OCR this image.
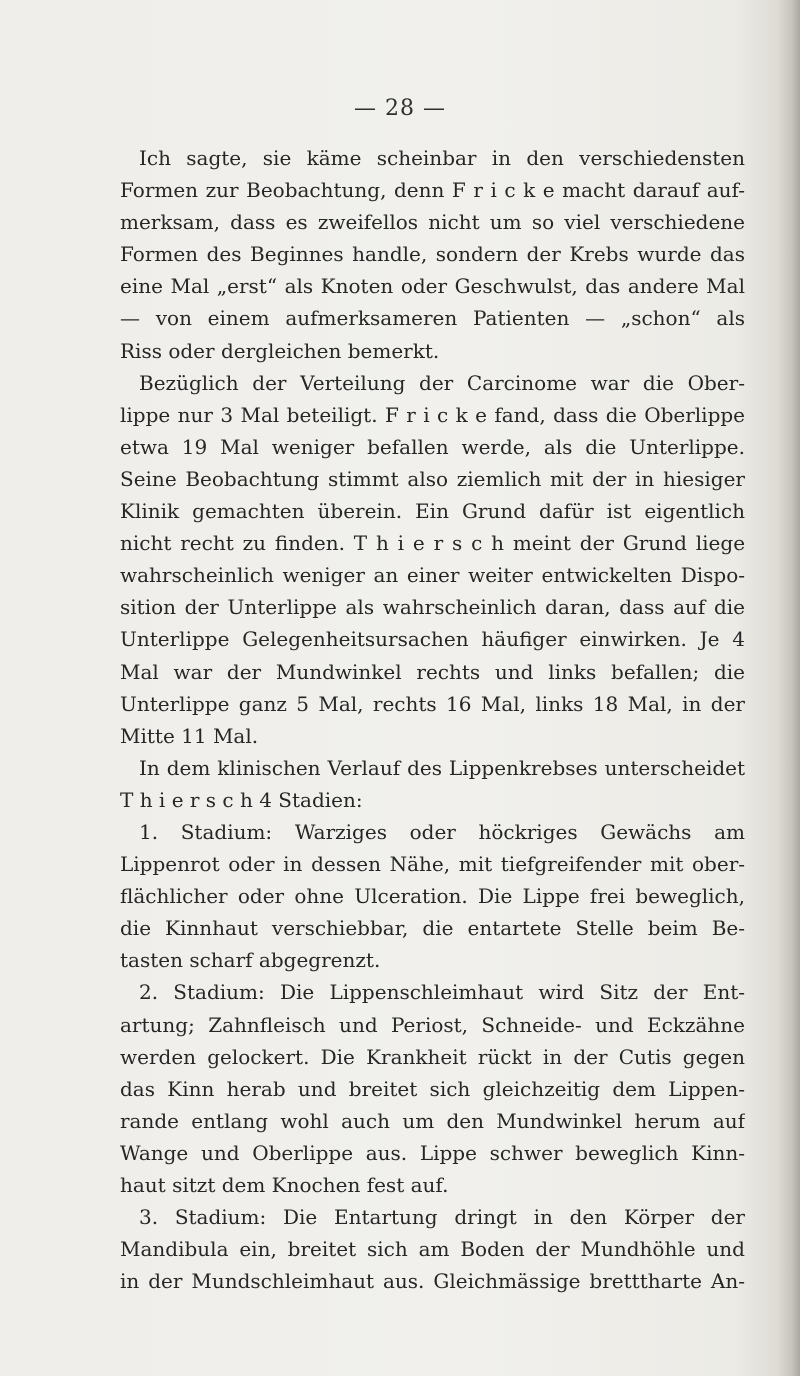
— 28 —
Ich sagte, sie käme scheinbar in den verschiedensten
Formen zur Beobachtung, denn F r i c k e macht darauf auf-
merksam, dass es zweifellos nicht um so viel verschiedene
Formen des Beginnes handle, sondern der Krebs wurde das
eine Mal „erst“ als Knoten oder Geschwulst, das andere Mal
— von einem aufmerksameren Patienten — „schon“ als
Riss oder dergleichen bemerkt.
Bezüglich der Verteilung der Carcinome war die Ober-
lippe nur 3 Mal beteiligt. F r i c k e fand, dass die Oberlippe
etwa 19 Mal weniger befallen werde, als die Unterlippe.
Seine Beobachtung stimmt also ziemlich mit der in hiesiger
Klinik gemachten überein. Ein Grund dafür ist eigentlich
nicht recht zu finden. T h i e r s c h meint der Grund liege
wahrscheinlich weniger an einer weiter entwickelten Dispo-
sition der Unterlippe als wahrscheinlich daran, dass auf die
Unterlippe Gelegenheitsursachen häufiger einwirken. Je 4
Mal war der Mundwinkel rechts und links befallen; die
Unterlippe ganz 5 Mal, rechts 16 Mal, links 18 Mal, in der
Mitte 11 Mal.
In dem klinischen Verlauf des Lippenkrebses unterscheidet
T h i e r s c h 4 Stadien:
1. Stadium: Warziges oder höckriges Gewächs am
Lippenrot oder in dessen Nähe, mit tiefgreifender mit ober-
flächlicher oder ohne Ulceration. Die Lippe frei beweglich,
die Kinnhaut verschiebbar, die entartete Stelle beim Be-
tasten scharf abgegrenzt.
2. Stadium: Die Lippenschleimhaut wird Sitz der Ent-
artung; Zahnfleisch und Periost, Schneide- und Eckzähne
werden gelockert. Die Krankheit rückt in der Cutis gegen
das Kinn herab und breitet sich gleichzeitig dem Lippen-
rande entlang wohl auch um den Mundwinkel herum auf
Wange und Oberlippe aus. Lippe schwer beweglich Kinn-
haut sitzt dem Knochen fest auf.
3. Stadium: Die Entartung dringt in den Körper der
Mandibula ein, breitet sich am Boden der Mundhöhle und
in der Mundschleimhaut aus. Gleichmässige bretttharte An-
